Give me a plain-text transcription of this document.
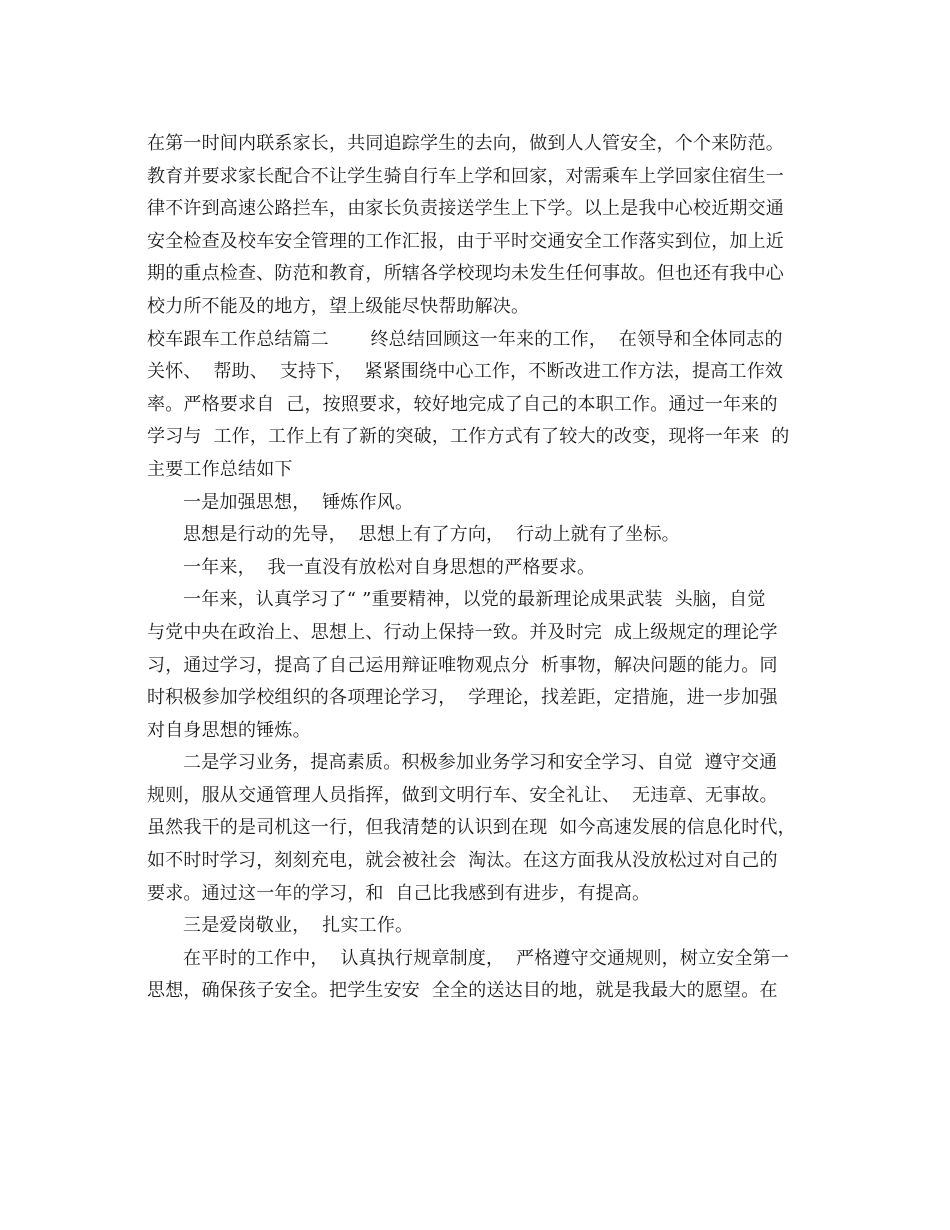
在第一时间内联系家长，共同追踪学生的去向，做到人人管安全，个个来防范。
教育并要求家长配合不让学生骑自行车上学和回家，对需乘车上学回家住宿生一
律不许到高速公路拦车，由家长负责接送学生上下学。以上是我中心校近期交通
安全检查及校车安全管理的工作汇报，由于平时交通安全工作落实到位，加上近
期的重点检查、防范和教育，所辖各学校现均未发生任何事故。但也还有我中心
校力所不能及的地方，望上级能尽快帮助解决。
校车跟车工作总结篇二       终总结回顾这一年来的工作，  在领导和全体同志的
关怀、  帮助、  支持下，  紧紧围绕中心工作，不断改进工作方法，提高工作效
率。严格要求自  己，按照要求，较好地完成了自己的本职工作。通过一年来的
学习与  工作，工作上有了新的突破，工作方式有了较大的改变，现将一年来  的
主要工作总结如下
一是加强思想，  锤炼作风。
思想是行动的先导，  思想上有了方向，  行动上就有了坐标。
一年来，  我一直没有放松对自身思想的严格要求。
一年来，认真学习了“ ”重要精神，以党的最新理论成果武装  头脑，自觉
与党中央在政治上、思想上、行动上保持一致。并及时完  成上级规定的理论学
习，通过学习，提高了自己运用辩证唯物观点分  析事物，解决问题的能力。同
时积极参加学校组织的各项理论学习，  学理论，找差距，定措施，进一步加强
对自身思想的锤炼。
二是学习业务，提高素质。积极参加业务学习和安全学习、自觉  遵守交通
规则，服从交通管理人员指挥，做到文明行车、安全礼让、  无违章、无事故。
虽然我干的是司机这一行，但我清楚的认识到在现  如今高速发展的信息化时代，
如不时时学习，刻刻充电，就会被社会  淘汰。在这方面我从没放松过对自己的
要求。通过这一年的学习，和  自己比我感到有进步，有提高。
三是爱岗敬业，  扎实工作。
在平时的工作中，  认真执行规章制度，  严格遵守交通规则，树立安全第一
思想，确保孩子安全。把学生安安  全全的送达目的地，就是我最大的愿望。在
